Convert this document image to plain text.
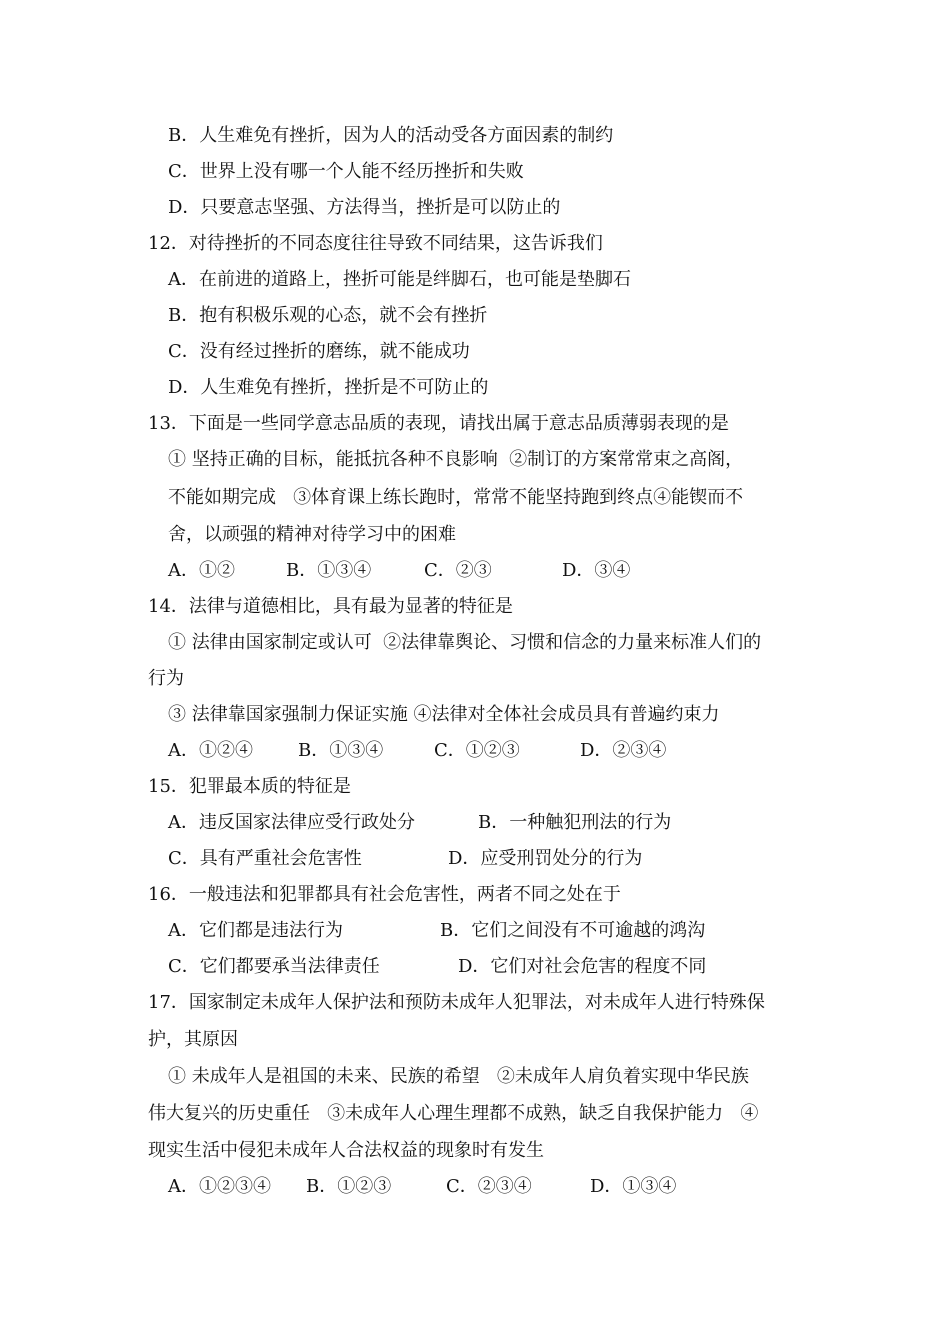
B．人生难免有挫折，因为人的活动受各方面因素的制约
C．世界上没有哪一个人能不经历挫折和失败
D．只要意志坚强、方法得当，挫折是可以防止的
12．对待挫折的不同态度往往导致不同结果，这告诉我们
A．在前进的道路上，挫折可能是绊脚石，也可能是垫脚石
B．抱有积极乐观的心态，就不会有挫折
C．没有经过挫折的磨练，就不能成功
D．人生难免有挫折，挫折是不可防止的
13．下面是一些同学意志品质的表现，请找出属于意志品质薄弱表现的是
① 坚持正确的目标，能抵抗各种不良影响  ②制订的方案常常束之高阁，
不能如期完成   ③体育课上练长跑时，常常不能坚持跑到终点④能锲而不
舍，以顽强的精神对待学习中的困难
A．①②	B．①③④	C．②③	D．③④
14．法律与道德相比，具有最为显著的特征是
① 法律由国家制定或认可  ②法律靠舆论、习惯和信念的力量来标准人们的
行为
③ 法律靠国家强制力保证实施 ④法律对全体社会成员具有普遍约束力
A．①②④	B．①③④	C．①②③	D．②③④
15．犯罪最本质的特征是
A．违反国家法律应受行政处分	B．一种触犯刑法的行为
C．具有严重社会危害性	D．应受刑罚处分的行为
16．一般违法和犯罪都具有社会危害性，两者不同之处在于
A．它们都是违法行为	B．它们之间没有不可逾越的鸿沟
C．它们都要承当法律责任	D．它们对社会危害的程度不同
17．国家制定未成年人保护法和预防未成年人犯罪法，对未成年人进行特殊保
护，其原因
① 未成年人是祖国的未来、民族的希望   ②未成年人肩负着实现中华民族
伟大复兴的历史重任   ③未成年人心理生理都不成熟，缺乏自我保护能力   ④
现实生活中侵犯未成年人合法权益的现象时有发生
A．①②③④ B．①②③	C．②③④	D．①③④
